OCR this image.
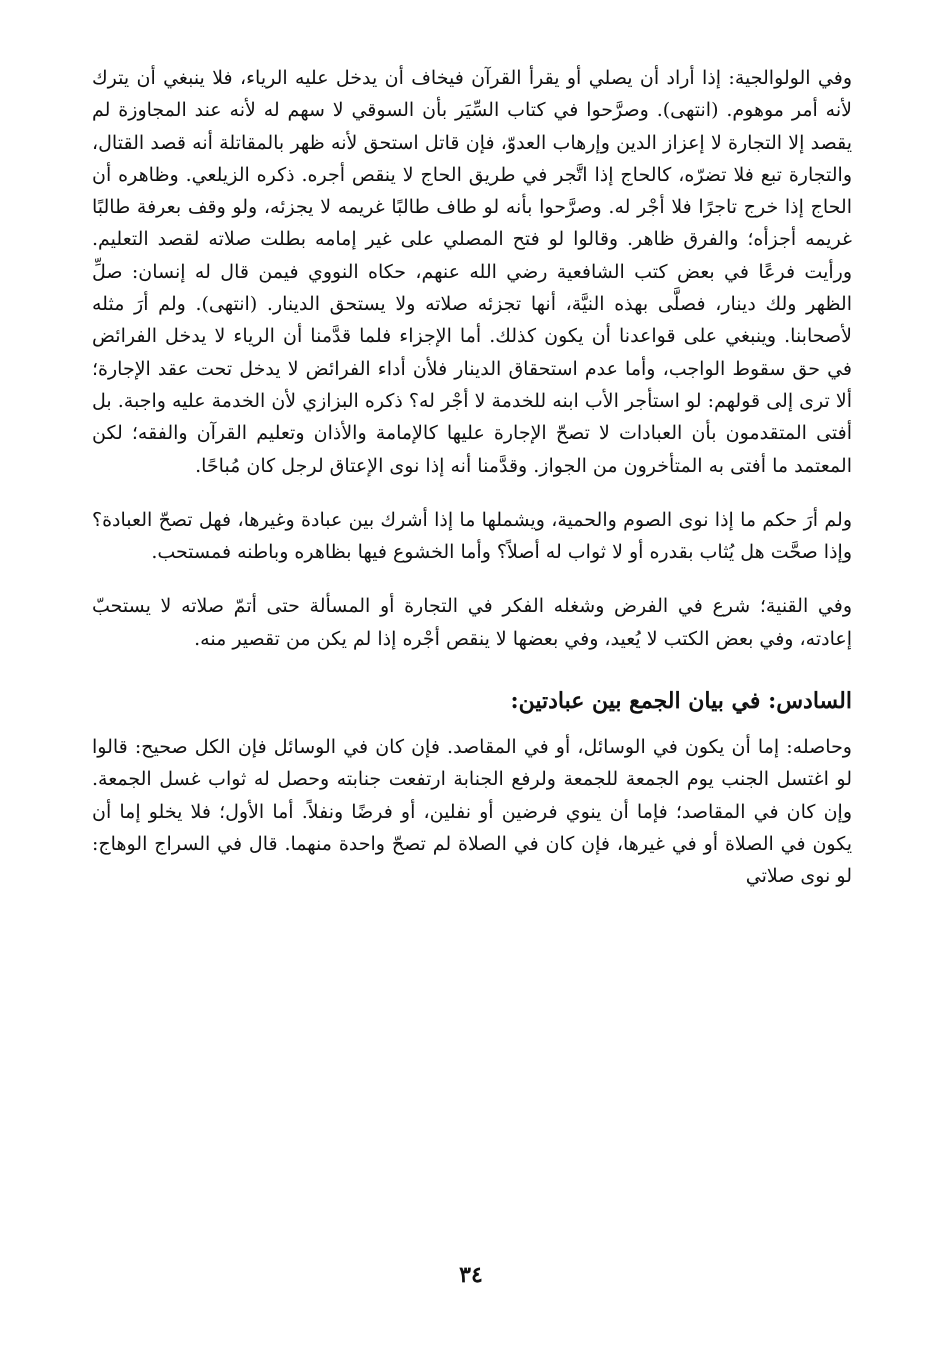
وفي الولوالجية: إذا أراد أن يصلي أو يقرأ القرآن فيخاف أن يدخل عليه الرياء، فلا ينبغي أن يترك لأنه أمر موهوم. (انتهى). وصرَّحوا في كتاب السِّيَر بأن السوقي لا سهم له لأنه عند المجاوزة لم يقصد إلا التجارة لا إعزاز الدين وإرهاب العدوّ، فإن قاتل استحق لأنه ظهر بالمقاتلة أنه قصد القتال، والتجارة تبع فلا تضرّه، كالحاج إذا اتَّجر في طريق الحاج لا ينقص أجره. ذكره الزيلعي. وظاهره أن الحاج إذا خرج تاجرًا فلا أجْر له. وصرَّحوا بأنه لو طاف طالبًا غريمه لا يجزئه، ولو وقف بعرفة طالبًا غريمه أجزأه؛ والفرق ظاهر. وقالوا لو فتح المصلي على غير إمامه بطلت صلاته لقصد التعليم. ورأيت فرعًا في بعض كتب الشافعية رضي الله عنهم، حكاه النووي فيمن قال له إنسان: صلِّ الظهر ولك دينار، فصلَّى بهذه النيَّة، أنها تجزئه صلاته ولا يستحق الدينار. (انتهى). ولم أرَ مثله لأصحابنا. وينبغي على قواعدنا أن يكون كذلك. أما الإجزاء فلما قدَّمنا أن الرياء لا يدخل الفرائض في حق سقوط الواجب، وأما عدم استحقاق الدينار فلأن أداء الفرائض لا يدخل تحت عقد الإجارة؛ ألا ترى إلى قولهم: لو استأجر الأب ابنه للخدمة لا أجْر له؟ ذكره البزازي لأن الخدمة عليه واجبة. بل أفتى المتقدمون بأن العبادات لا تصحّ الإجارة عليها كالإمامة والأذان وتعليم القرآن والفقه؛ لكن المعتمد ما أفتى به المتأخرون من الجواز. وقدَّمنا أنه إذا نوى الإعتاق لرجل كان مُباحًا.

ولم أرَ حكم ما إذا نوى الصوم والحمية، ويشملها ما إذا أشرك بين عبادة وغيرها، فهل تصحّ العبادة؟ وإذا صحَّت هل يُثاب بقدره أو لا ثواب له أصلاً؟ وأما الخشوع فيها بظاهره وباطنه فمستحب.

وفي القنية؛ شرع في الفرض وشغله الفكر في التجارة أو المسألة حتى أتمّ صلاته لا يستحبّ إعادته، وفي بعض الكتب لا يُعيد، وفي بعضها لا ينقص أجْره إذا لم يكن من تقصير منه.

السادس: في بيان الجمع بين عبادتين:

وحاصله: إما أن يكون في الوسائل، أو في المقاصد. فإن كان في الوسائل فإن الكل صحيح: قالوا لو اغتسل الجنب يوم الجمعة للجمعة ولرفع الجنابة ارتفعت جنابته وحصل له ثواب غسل الجمعة. وإن كان في المقاصد؛ فإما أن ينوي فرضين أو نفلين، أو فرضًا ونفلاً. أما الأول؛ فلا يخلو إما أن يكون في الصلاة أو في غيرها، فإن كان في الصلاة لم تصحّ واحدة منهما. قال في السراج الوهاج: لو نوى صلاتي

٣٤
